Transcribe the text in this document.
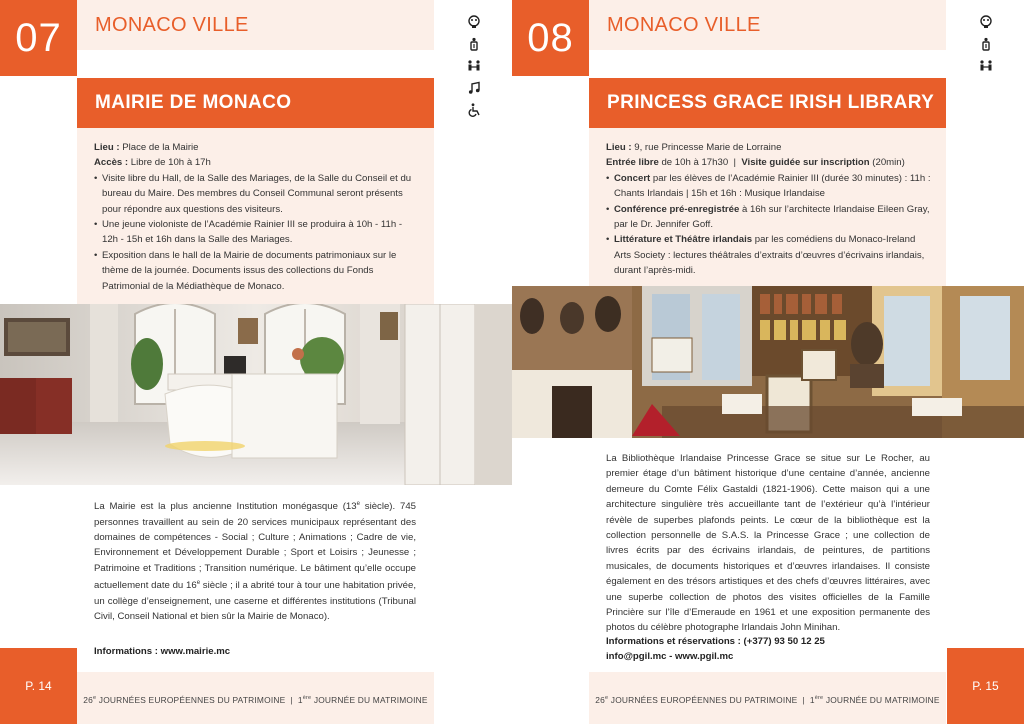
07	MONACO VILLE
MAIRIE DE MONACO

Lieu : Place de la Mairie

Accès : Libre de 10h à 17h

• Visite libre du Hall, de la Salle des Mariages, de la Salle du Conseil et du bureau du Maire. Des membres du Conseil Communal seront présents pour répondre aux questions des visiteurs.
• Une jeune violoniste de l’Académie Rainier III se produira à 10h - 11h - 12h - 15h et 16h dans la Salle des Mariages.
• Exposition dans le hall de la Mairie de documents patrimoniaux sur le thème de la journée. Documents issus des collections du Fonds Patrimonial de la Médiathèque de Monaco.

La Mairie est la plus ancienne Institution monégasque (13e siècle). 745 personnes travaillent au sein de 20 services municipaux représentant des domaines de compétences - Social ; Culture ; Animations ; Cadre de vie, Environnement et Développement Durable ; Sport et Loisirs ; Jeunesse ; Patrimoine et Traditions ; Transition numérique. Le bâtiment qu’elle occupe actuellement date du 16e siècle ; il a abrité tour à tour une habitation privée, un collège d’enseignement, une caserne et différentes institutions (Tribunal Civil, Conseil National et bien sûr la Mairie de Monaco).

Informations : www.mairie.mc
P. 14
26e JOURNÉES EUROPÉENNES DU PATRIMOINE  |  1ère JOURNÉE DU MATRIMOINE
08	MONACO VILLE
PRINCESS GRACE IRISH LIBRARY

Lieu : 9, rue Princesse Marie de Lorraine

Entrée libre de 10h à 17h30  |  Visite guidée sur inscription (20min)

• Concert par les élèves de l’Académie Rainier III (durée 30 minutes) : 11h : Chants Irlandais | 15h et 16h : Musique Irlandaise
• Conférence pré-enregistrée à 16h sur l’architecte Irlandaise Eileen Gray, par le Dr. Jennifer Goff.
• Littérature et Théâtre irlandais par les comédiens du Monaco-Ireland Arts Society : lectures théâtrales d’extraits d’œuvres d’écrivains irlandais, durant l’après-midi.
La Bibliothèque Irlandaise Princesse Grace se situe sur Le Rocher, au premier étage d’un bâtiment historique d’une centaine d’année, ancienne demeure du Comte Félix Gastaldi (1821-1906). Cette maison qui a une architecture singulière très accueillante tant de l’extérieur qu’à l’intérieur révèle de superbes plafonds peints. Le cœur de la bibliothèque est la collection personnelle de S.A.S. la Princesse Grace ; une collection de livres écrits par des écrivains irlandais, de peintures, de partitions musicales, de documents historiques et d’œuvres irlandaises. Il consiste également en des trésors artistiques et des chefs d’œuvres littéraires, avec une superbe collection de photos des visites officielles de la Famille Princière sur l’île d’Emeraude en 1961 et une exposition permanente des photos du célèbre photographe Irlandais John Minihan.
Informations et réservations : (+377) 93 50 12 25
info@pgil.mc - www.pgil.mc
26e JOURNÉES EUROPÉENNES DU PATRIMOINE  |  1ère JOURNÉE DU MATRIMOINE
P. 15
